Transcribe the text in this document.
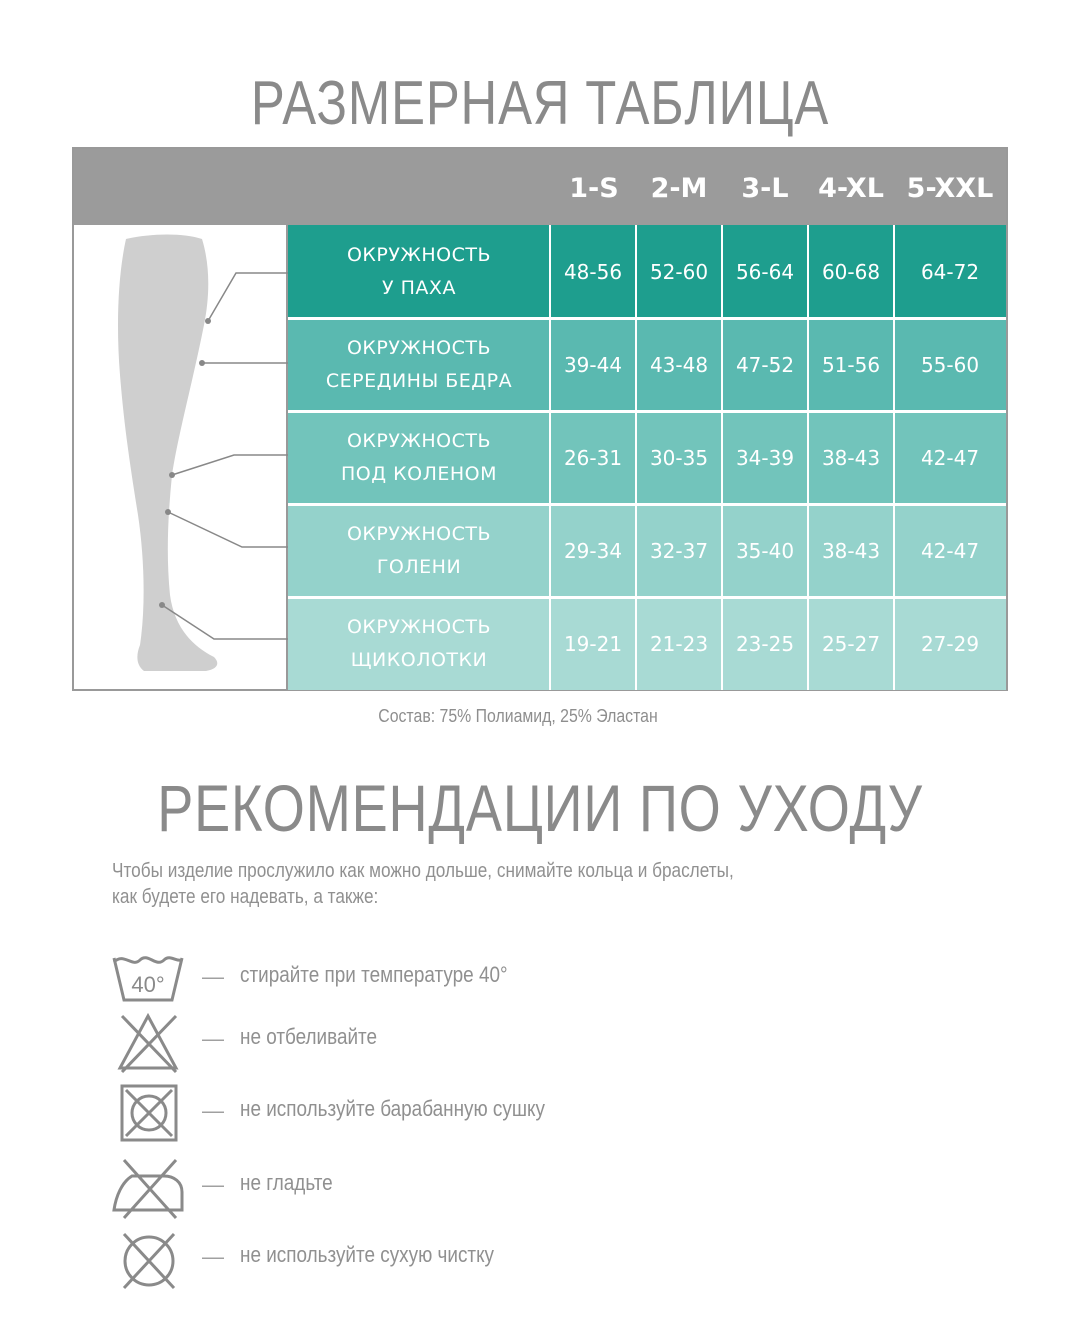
РАЗМЕРНАЯ ТАБЛИЦА
1-S	2-M	3-L	4-XL 5-XXL
ОКРУЖНОСТЬ
У ПАХА
48-56	52-60	56-64	60-68	64-72
ОКРУЖНОСТЬ
СЕРЕДИНЫ БЕДРА
39-44	43-48	47-52	51-56	55-60
ОКРУЖНОСТЬ
ПОД КОЛЕНОМ
26-31	30-35	34-39	38-43	42-47
ОКРУЖНОСТЬ
ГОЛЕНИ
29-34	32-37	35-40	38-43	42-47
ОКРУЖНОСТЬ
ЩИКОЛОТКИ
19-21	21-23	23-25	25-27	27-29
Состав: 75% Полиамид, 25% Эластан
РЕКОМЕНДАЦИИ ПО УХОДУ
Чтобы изделие прослужило как можно дольше, снимайте кольца и браслеты,
как будете его надевать, а также:
40° — стирайте при температуре 40°
— не отбеливайте
— не используйте барабанную сушку
— не гладьте
— не используйте сухую чистку
